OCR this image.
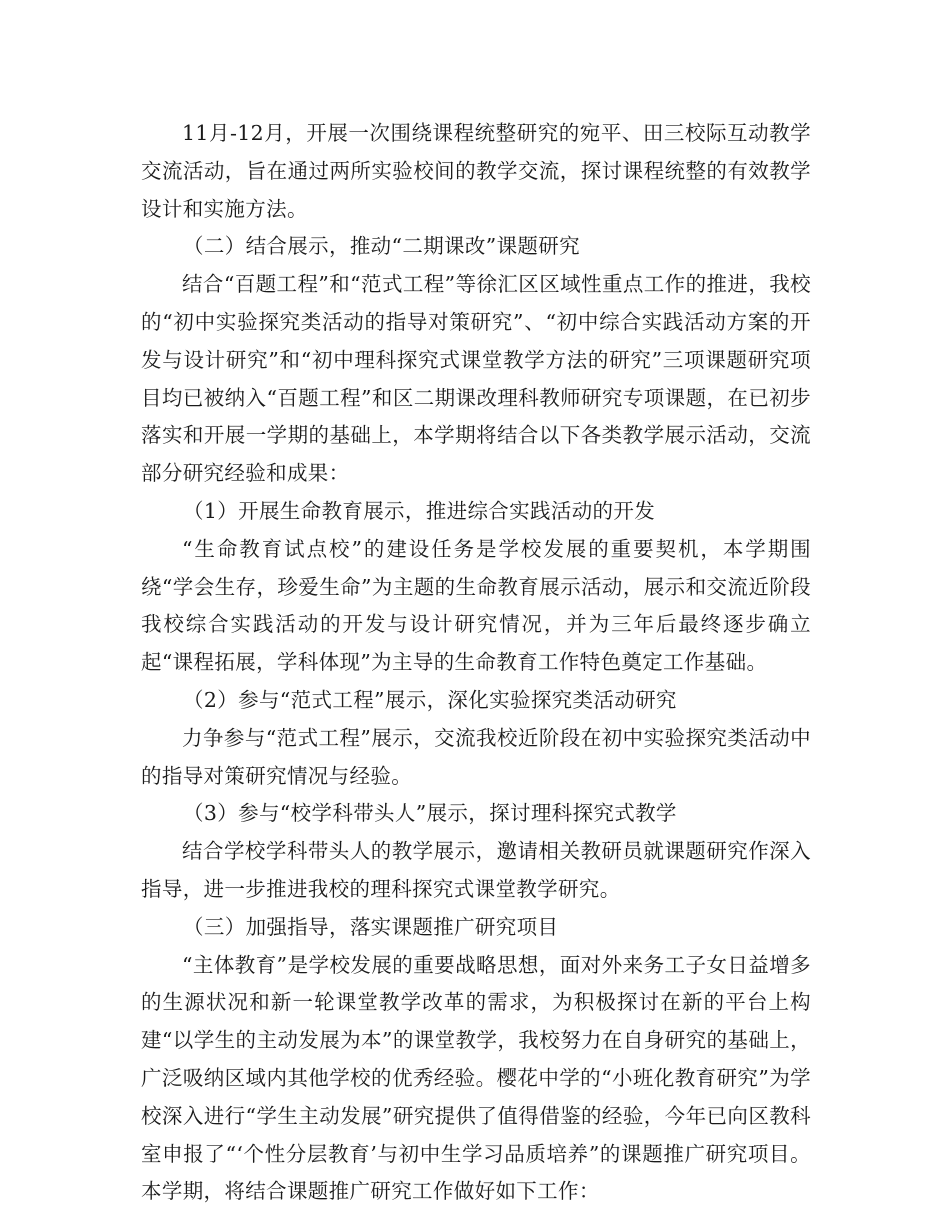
11月-12月，开展一次围绕课程统整研究的宛平、田三校际互动教学交流活动，旨在通过两所实验校间的教学交流，探讨课程统整的有效教学设计和实施方法。

（二）结合展示，推动“二期课改”课题研究

结合“百题工程”和“范式工程”等徐汇区区域性重点工作的推进，我校的“初中实验探究类活动的指导对策研究”、“初中综合实践活动方案的开发与设计研究”和“初中理科探究式课堂教学方法的研究”三项课题研究项目均已被纳入“百题工程”和区二期课改理科教师研究专项课题，在已初步落实和开展一学期的基础上，本学期将结合以下各类教学展示活动，交流部分研究经验和成果：

（1）开展生命教育展示，推进综合实践活动的开发

“生命教育试点校”的建设任务是学校发展的重要契机，本学期围绕“学会生存，珍爱生命”为主题的生命教育展示活动，展示和交流近阶段我校综合实践活动的开发与设计研究情况，并为三年后最终逐步确立起“课程拓展，学科体现”为主导的生命教育工作特色奠定工作基础。

（2）参与“范式工程”展示，深化实验探究类活动研究

力争参与“范式工程”展示，交流我校近阶段在初中实验探究类活动中的指导对策研究情况与经验。

（3）参与“校学科带头人”展示，探讨理科探究式教学

结合学校学科带头人的教学展示，邀请相关教研员就课题研究作深入指导，进一步推进我校的理科探究式课堂教学研究。

（三）加强指导，落实课题推广研究项目

“主体教育”是学校发展的重要战略思想，面对外来务工子女日益增多的生源状况和新一轮课堂教学改革的需求，为积极探讨在新的平台上构建“以学生的主动发展为本”的课堂教学，我校努力在自身研究的基础上，广泛吸纳区域内其他学校的优秀经验。樱花中学的“小班化教育研究”为学校深入进行“学生主动发展”研究提供了值得借鉴的经验，今年已向区教科室申报了“‘个性分层教育’与初中生学习品质培养”的课题推广研究项目。本学期，将结合课题推广研究工作做好如下工作：
